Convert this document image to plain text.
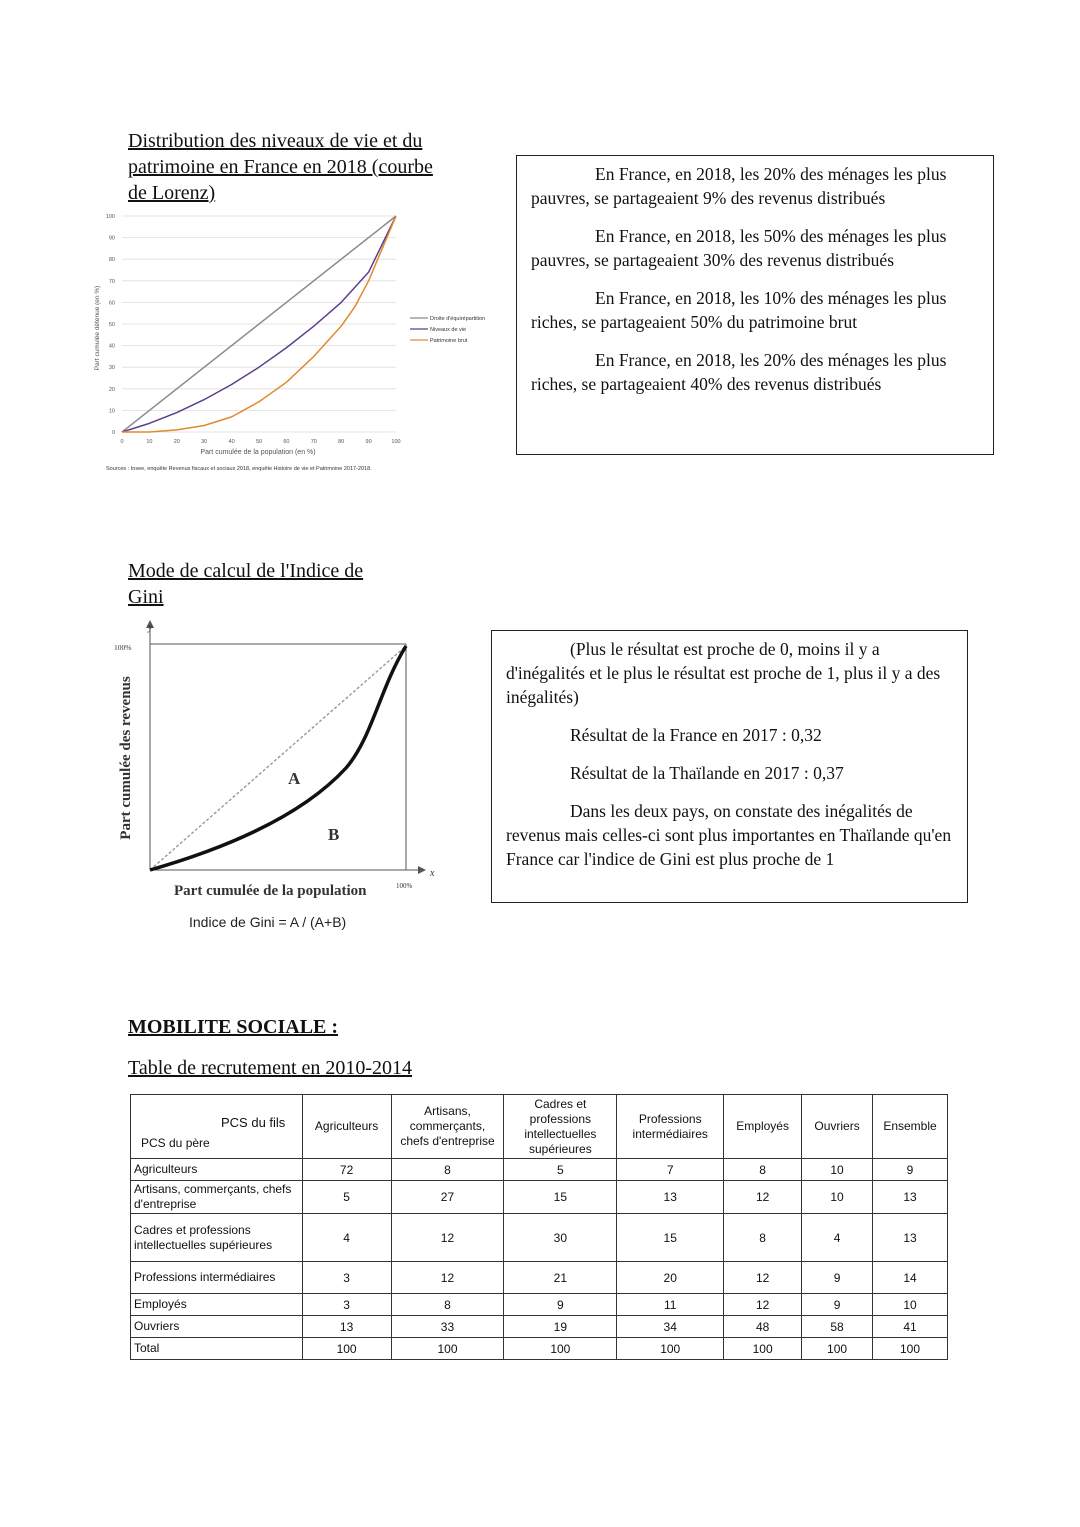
Distribution des niveaux de vie et du
patrimoine en France en 2018 (courbe
de Lorenz)
0
10
20
30
40
50
60
70
80
90
100
0	10	20	30	40	50	60	70	80	90	100
Part cumulée détenue (en %)
Part cumulée de la population (en %)
Sources : Insee, enquête Revenus fiscaux et sociaux 2018, enquête Histoire de vie et Patrimoine 2017-2018.
Droite d'équirépartition
Niveaux de vie
Patrimoine brut

En France, en 2018, les 20% des ménages les plus pauvres, se partageaient 9% des revenus distribués

En France, en 2018, les 50% des ménages les plus pauvres, se partageaient 30% des revenus distribués

En France, en 2018, les 10% des ménages les plus riches, se partageaient 50% du patrimoine brut

En France, en 2018, les 20% des ménages les plus riches, se partageaient 40% des revenus distribués

Mode de calcul de l'Indice de
Gini
y
x
100%
100%
A
B
Part cumulée des revenus
Part cumulée de la population
Indice de Gini = A / (A+B)

(Plus le résultat est proche de 0, moins il y a d'inégalités et le plus le résultat est proche de 1, plus il y a des inégalités)

Résultat de la France en 2017 : 0,32

Résultat de la Thaïlande en 2017 : 0,37

Dans les deux pays, on constate des inégalités de revenus mais celles-ci sont plus importantes en Thaïlande qu'en France car l'indice de Gini est plus proche de 1

MOBILITE SOCIALE :
Table de recrutement en 2010-2014
PCS du fils
PCS du père	Agriculteurs	Artisans, commerçants, chefs d'entreprise	Cadres et professions intellectuelles supérieures	Professions intermédiaires	Employés	Ouvriers	Ensemble
Agriculteurs	72	8	5	7	8	10	9
Artisans, commerçants, chefs d'entreprise	5	27	15	13	12	10	13
Cadres et professions intellectuelles supérieures	4	12	30	15	8	4	13
Professions intermédiaires	3	12	21	20	12	9	14
Employés	3	8	9	11	12	9	10
Ouvriers	13	33	19	34	48	58	41
Total	100	100	100	100	100	100	100
